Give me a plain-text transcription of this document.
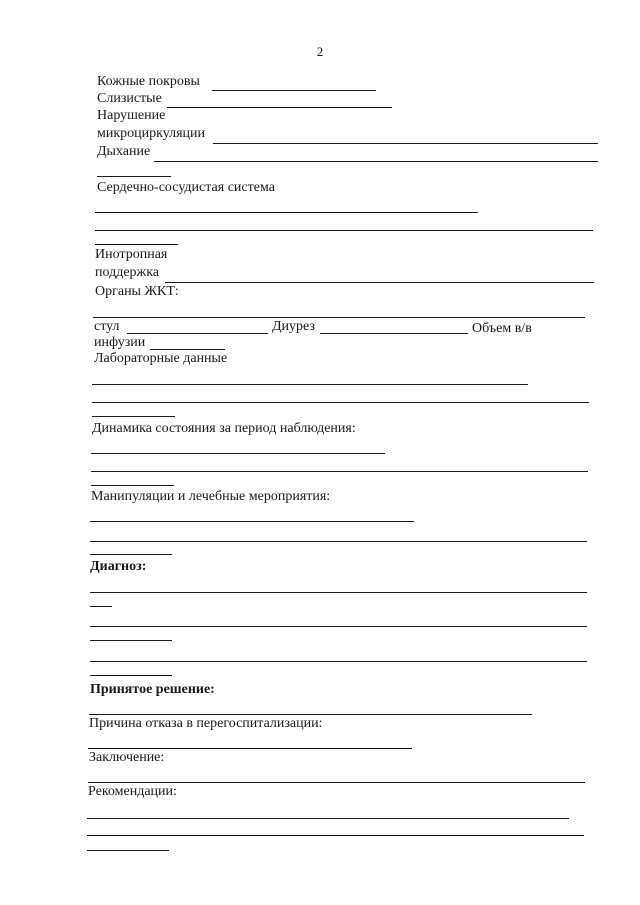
2
Кожные покровы
Слизистые
Нарушение
микроциркуляции
Дыхание
Сердечно-сосудистая система
Инотропная
поддержка
Органы ЖКТ:
стул	Диурез	Объем в/в
инфузии
Лабораторные данные
Динамика состояния за период наблюдения:
Манипуляции и лечебные мероприятия:
Диагноз:
Принятое решение:
Причина отказа в перегоспитализации:
Заключение:
Рекомендации:
